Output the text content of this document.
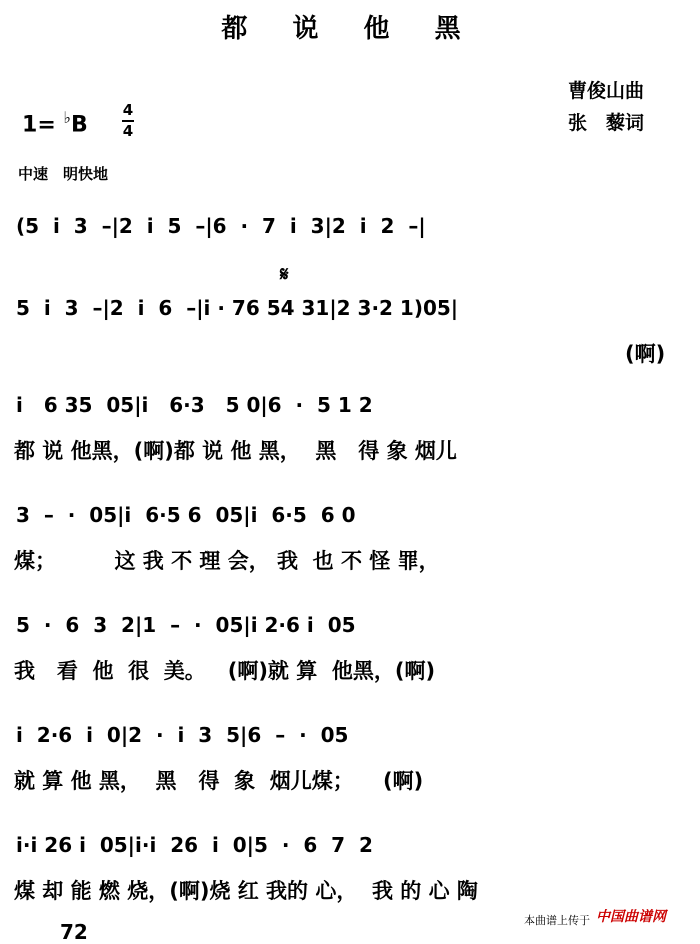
都 说 他 黑
曹俊山曲
张　藜词
1= ♭B
4
4
中速　明快地
𝄋
(5  i  3  –|2  i  5  –|6  ·  7  i  3|2  i  2  –|
5  i  3  –|2  i  6  –|i · 76 54 31|2 3·2 1)05|
(啊)
i   6 35  05|i   6·3   5 0|6  ·  5 1 2
都 说 他黑，(啊)都 说 他 黑，  黑   得 象 烟儿
3  –  ·  05|i  6·5 6  05|i  6·5  6 0
煤；        这 我 不 理 会， 我  也 不 怪 罪，
5  ·  6  3  2|1  –  ·  05|i 2·6 i  05
我   看  他  很  美。   (啊)就 算  他黑，(啊)
i  2·6  i  0|2  ·  i  3  5|6  –  ·  05
就 算 他 黑，  黑   得  象  烟儿煤；    (啊)
i·i 26 i  05|i·i  26  i  0|5  ·  6  7  2
煤 却 能 燃 烧，(啊)烧 红 我的 心，  我 的 心 陶
72	本曲谱上传于 中国曲谱网
